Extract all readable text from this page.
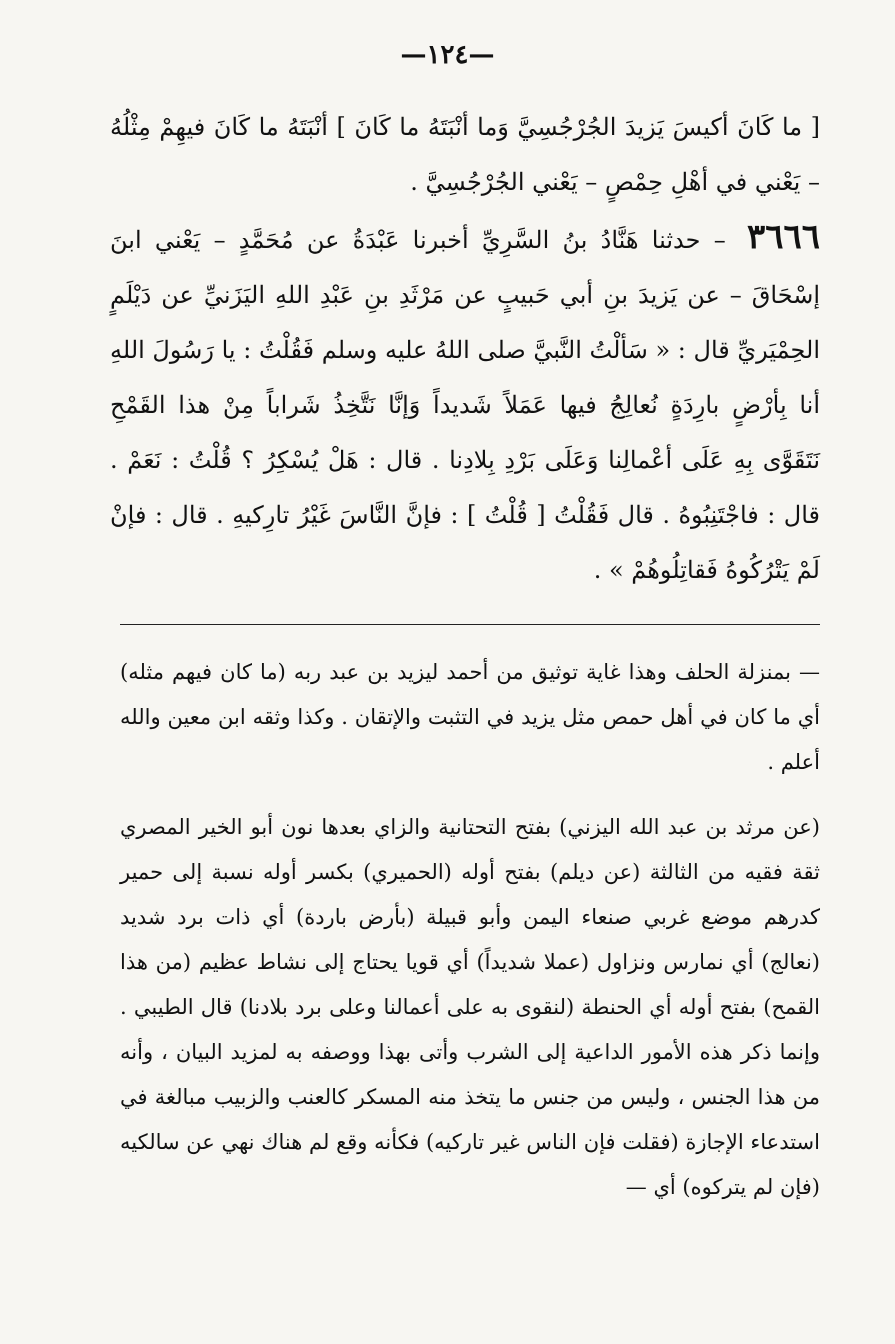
—١٢٤—

[ ما كَانَ أكيسَ يَزيدَ الجُرْجُسِيَّ وَما أنْبَتَهُ ما كَانَ ] أنْبَتَهُ ما كَانَ فيهِمْ مِثْلُهُ – يَعْني في أهْلِ حِمْصٍ – يَعْني الجُرْجُسِيَّ .

٣٦٦٦ – حدثنا هَنَّادُ بنُ السَّرِيِّ أخبرنا عَبْدَةُ عن مُحَمَّدٍ – يَعْني ابنَ إسْحَاقَ – عن يَزيدَ بنِ أبي حَبيبٍ عن مَرْثَدِ بنِ عَبْدِ اللهِ اليَزَنيِّ عن دَيْلَمٍ الحِمْيَريِّ قال : « سَألْتُ النَّبيَّ صلى اللهُ عليه وسلم فَقُلْتُ : يا رَسُولَ اللهِ أنا بِأرْضٍ بارِدَةٍ نُعالِجُ فيها عَمَلاً شَديداً وَإنَّا نَتَّخِذُ شَراباً مِنْ هذا القَمْحِ نَتَقَوَّى بِهِ عَلَى أعْمالِنا وَعَلَى بَرْدِ بِلادِنا . قال : هَلْ يُسْكِرُ ؟ قُلْتُ : نَعَمْ . قال : فاجْتَنِبُوهُ . قال فَقُلْتُ [ قُلْتُ ] : فإنَّ النَّاسَ غَيْرُ تارِكيهِ . قال : فإنْ لَمْ يَتْرُكُوهُ فَقاتِلُوهُمْ » .

— بمنزلة الحلف وهذا غاية توثيق من أحمد ليزيد بن عبد ربه (ما كان فيهم مثله) أي ما كان في أهل حمص مثل يزيد في التثبت والإتقان . وكذا وثقه ابن معين والله أعلم .

(عن مرثد بن عبد الله اليزني) بفتح التحتانية والزاي بعدها نون أبو الخير المصري ثقة فقيه من الثالثة (عن ديلم) بفتح أوله (الحميري) بكسر أوله نسبة إلى حمير كدرهم موضع غربي صنعاء اليمن وأبو قبيلة (بأرض باردة) أي ذات برد شديد (نعالج) أي نمارس ونزاول (عملا شديداً) أي قويا يحتاج إلى نشاط عظيم (من هذا القمح) بفتح أوله أي الحنطة (لنقوى به على أعمالنا وعلى برد بلادنا) قال الطيبي . وإنما ذكر هذه الأمور الداعية إلى الشرب وأتى بهذا ووصفه به لمزيد البيان ، وأنه من هذا الجنس ، وليس من جنس ما يتخذ منه المسكر كالعنب والزبيب مبالغة في استدعاء الإجازة (فقلت فإن الناس غير تاركيه) فكأنه وقع لم هناك نهي عن سالكيه (فإن لم يتركوه) أي —
